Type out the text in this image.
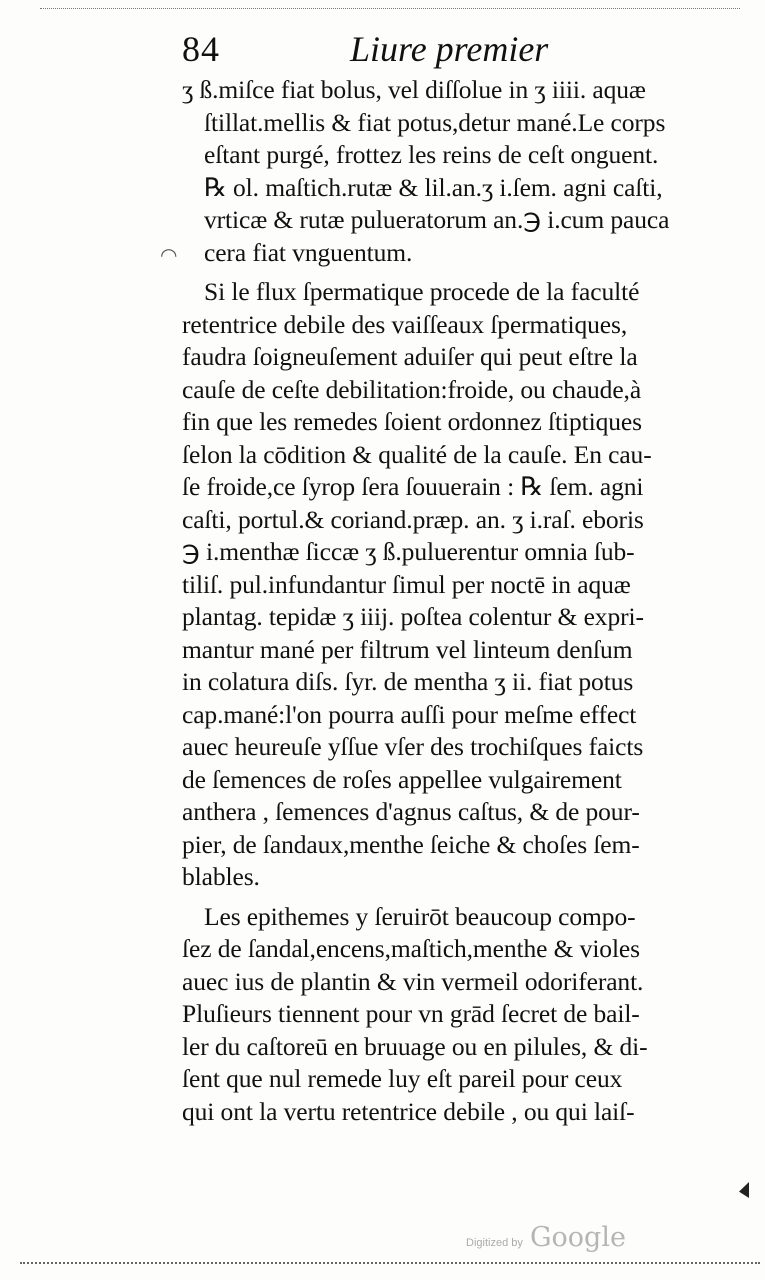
84	Liure premier
◠
ʒ ß.miſce fiat bolus, vel diſſolue in ʒ iiii. aquæ
ſtillat.mellis & fiat potus,detur mané.Le corps
eſtant purgé, frottez les reins de ceſt onguent.
℞ ol. maſtich.rutæ & lil.an.ʒ i.ſem. agni caſti,
vrticæ & rutæ pulueratorum an.℈ i.cum pauca
cera fiat vnguentum.
Si le flux ſpermatique procede de la faculté
retentrice debile des vaiſſeaux ſpermatiques,
faudra ſoigneuſement aduiſer qui peut eſtre la
cauſe de ceſte debilitation:froide, ou chaude,à
fin que les remedes ſoient ordonnez ſtiptiques
ſelon la cōdition & qualité de la cauſe. En cau-
ſe froide,ce ſyrop ſera ſouuerain : ℞ ſem. agni
caſti, portul.& coriand.præp. an. ʒ i.raſ. eboris
℈ i.menthæ ſiccæ ʒ ß.puluerentur omnia ſub-
tiliſ. pul.infundantur ſimul per noctē in aquæ
plantag. tepidæ ʒ iiij. poſtea colentur & expri-
mantur mané per filtrum vel linteum denſum
in colatura diſs. ſyr. de mentha ʒ ii. fiat potus
cap.mané:l'on pourra auſſi pour meſme effect
auec heureuſe yſſue vſer des trochiſques faicts
de ſemences de roſes appellee vulgairement
anthera , ſemences d'agnus caſtus, & de pour-
pier, de ſandaux,menthe ſeiche & choſes ſem-
blables.
Les epithemes y ſeruirōt beaucoup compo-
ſez de ſandal,encens,maſtich,menthe & violes
auec ius de plantin & vin vermeil odoriferant.
Pluſieurs tiennent pour vn grād ſecret de bail-
ler du caſtoreū en bruuage ou en pilules, & di-
ſent que nul remede luy eſt pareil pour ceux
qui ont la vertu retentrice debile , ou qui laiſ-
Digitized by Google
